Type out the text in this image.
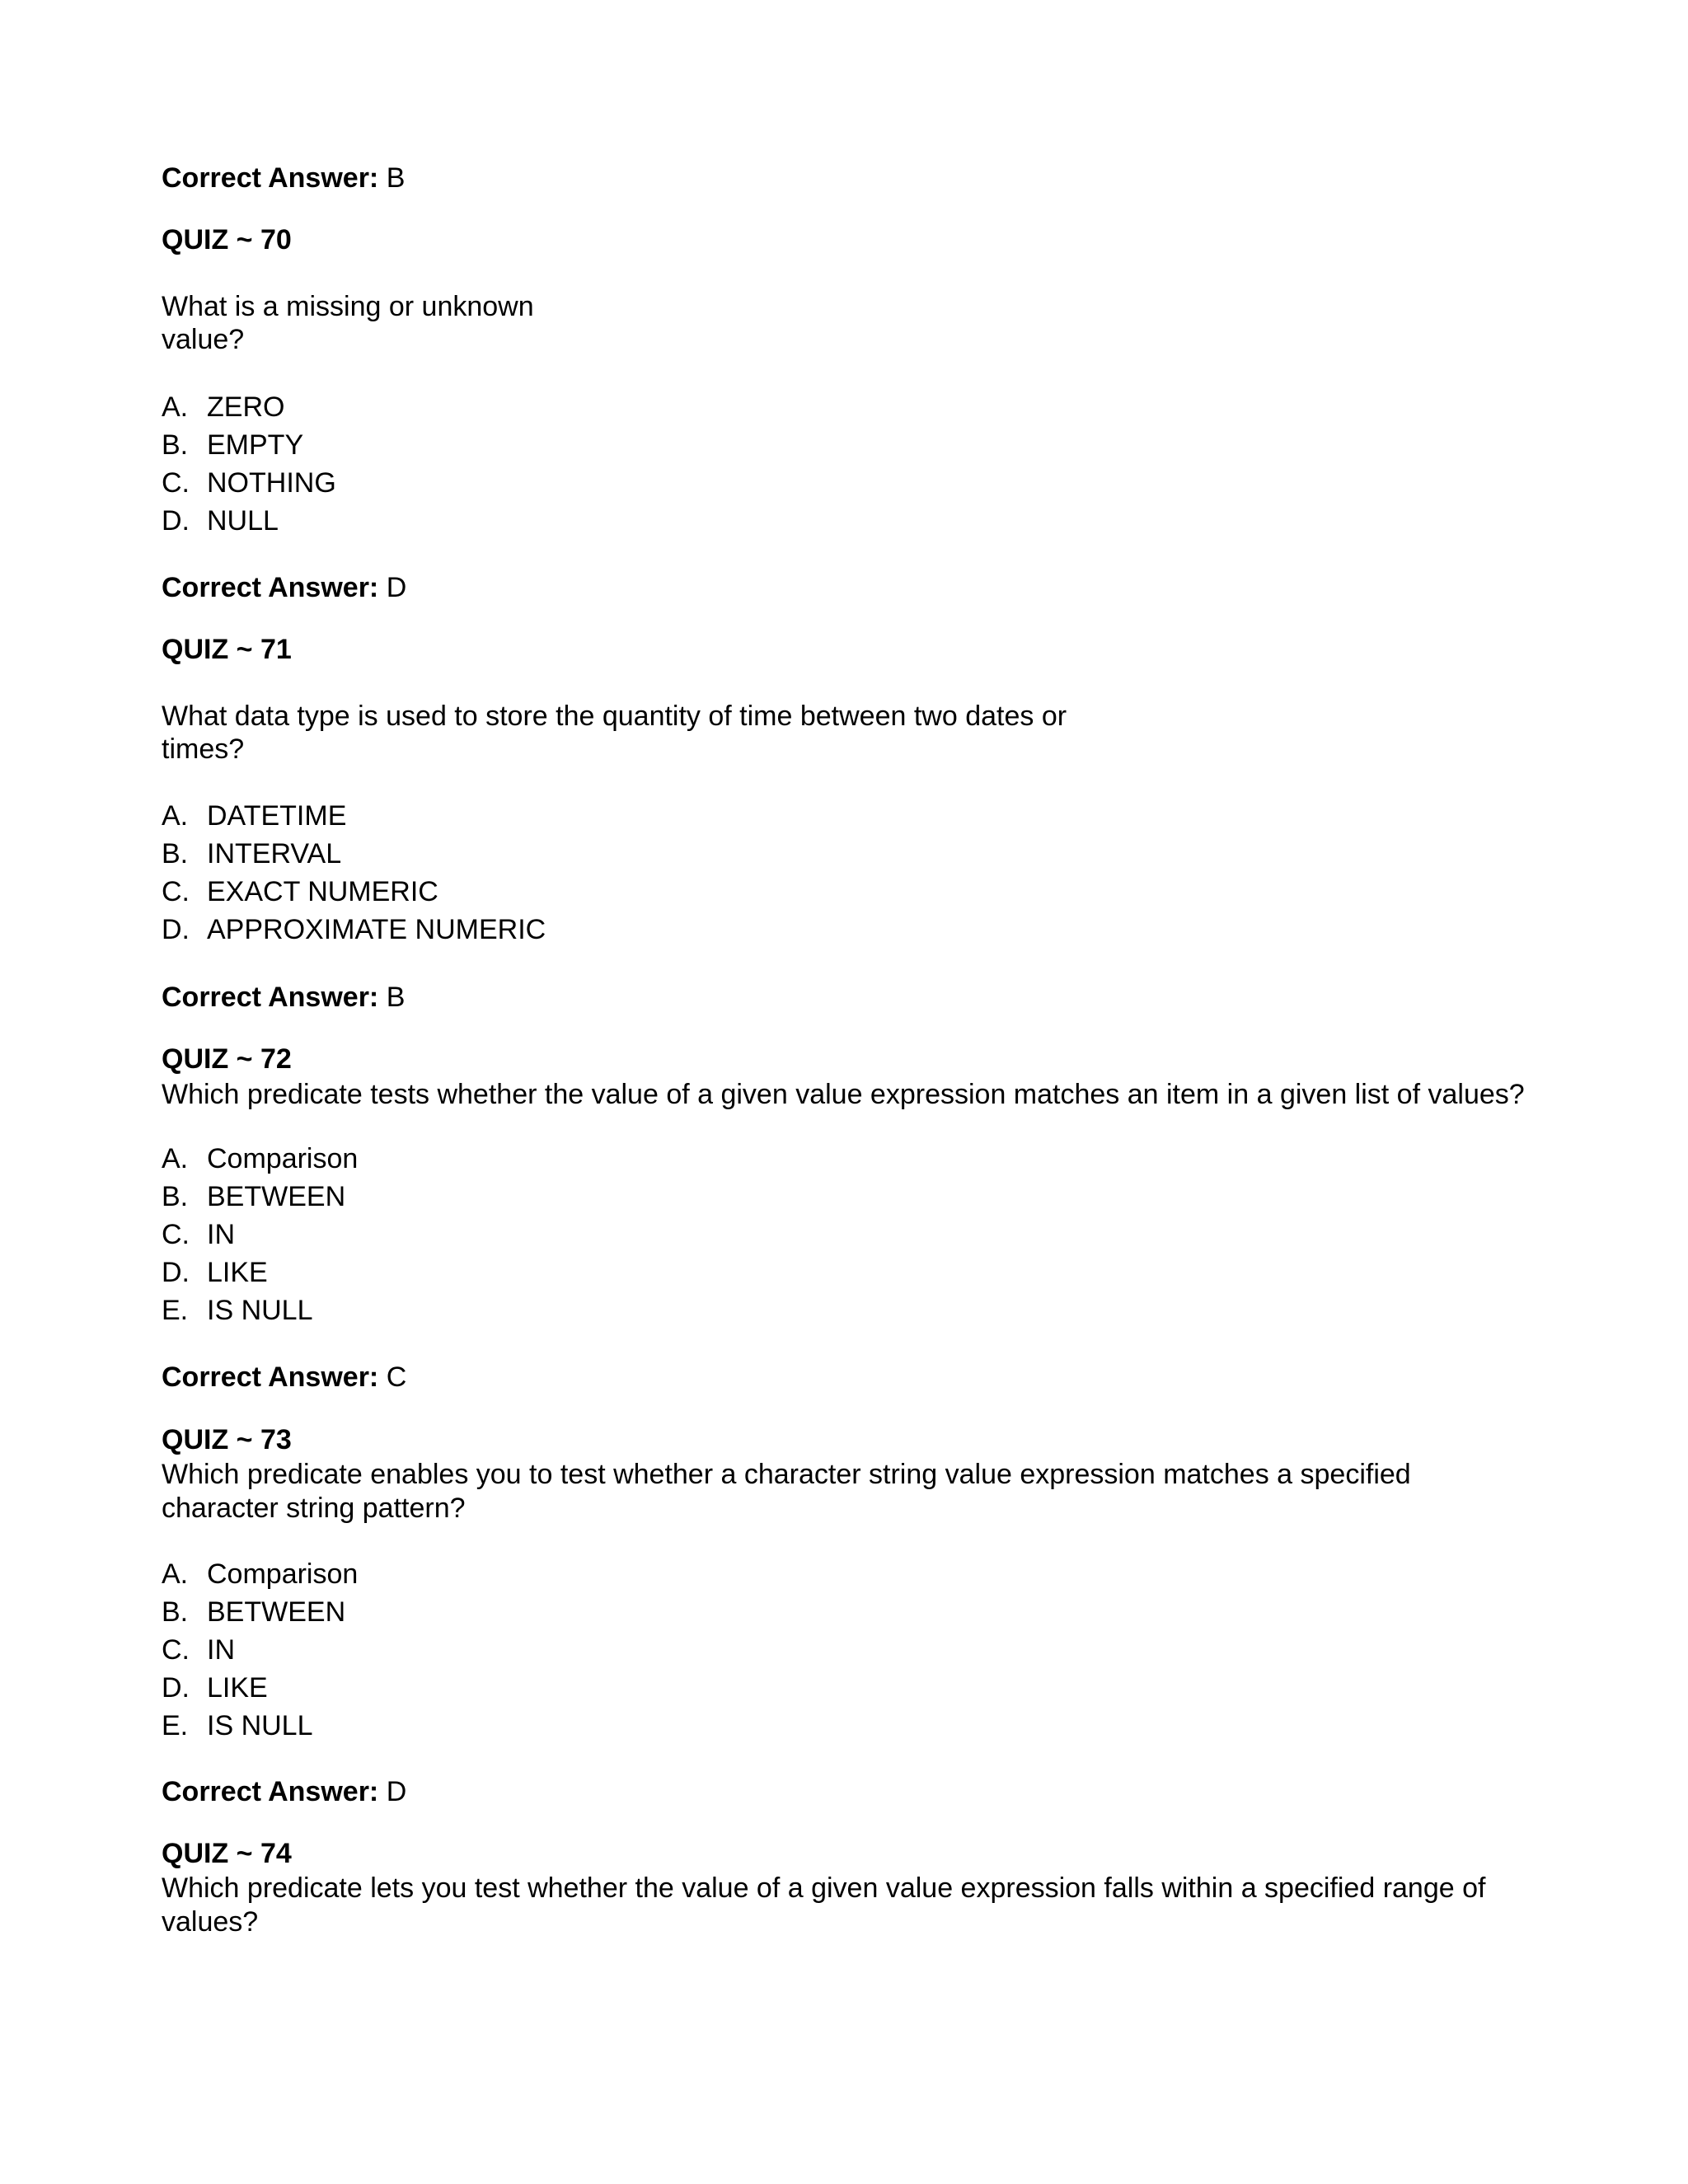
Correct Answer: B
QUIZ ~ 70
What is a missing or unknown
value?
A. ZERO
B. EMPTY
C. NOTHING
D. NULL
Correct Answer: D
QUIZ ~ 71
What data type is used to store the quantity of time between two dates or
times?
A. DATETIME
B. INTERVAL
C. EXACT NUMERIC
D. APPROXIMATE NUMERIC
Correct Answer: B
QUIZ ~ 72
Which predicate tests whether the value of a given value expression matches an item in a given list of values?
A. Comparison
B. BETWEEN
C. IN
D. LIKE
E. IS NULL
Correct Answer: C
QUIZ ~ 73
Which predicate enables you to test whether a character string value expression matches a specified
character string pattern?
A. Comparison
B. BETWEEN
C. IN
D. LIKE
E. IS NULL
Correct Answer: D
QUIZ ~ 74
Which predicate lets you test whether the value of a given value expression falls within a specified range of
values?
